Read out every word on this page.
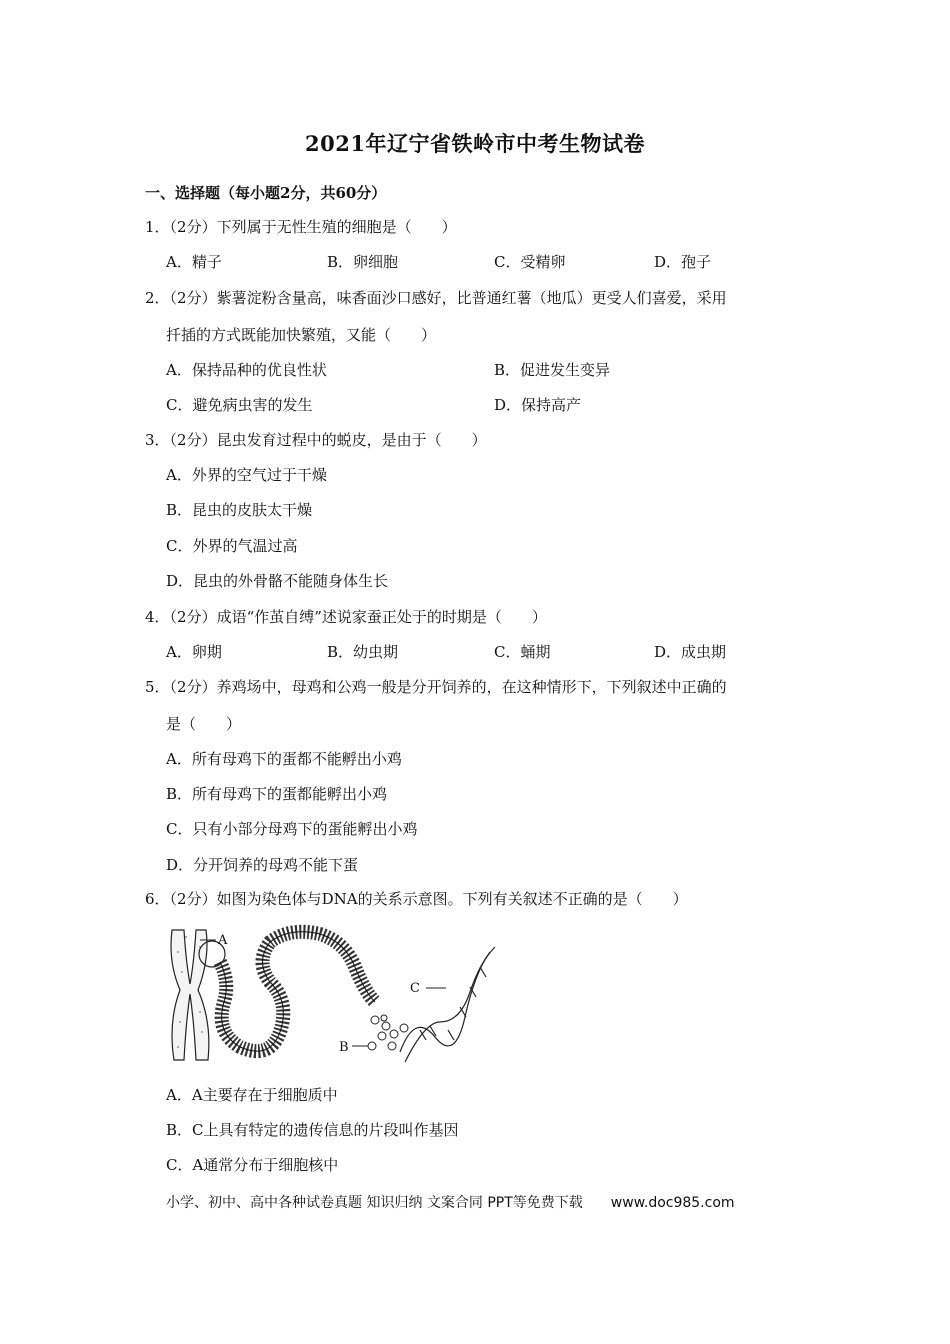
2021年辽宁省铁岭市中考生物试卷
一、选择题（每小题2分，共60分）
1．（2分）下列属于无性生殖的细胞是（　　）
A．精子	B．卵细胞	C．受精卵	D．孢子
2．（2分）紫薯淀粉含量高，味香面沙口感好，比普通红薯（地瓜）更受人们喜爱，采用
扦插的方式既能加快繁殖，又能（　　）
A．保持品种的优良性状	B．促进发生变异
C．避免病虫害的发生	D．保持高产
3．（2分）昆虫发育过程中的蜕皮，是由于（　　）
A．外界的空气过于干燥
B．昆虫的皮肤太干燥
C．外界的气温过高
D．昆虫的外骨骼不能随身体生长
4．（2分）成语“作茧自缚”述说家蚕正处于的时期是（　　）
A．卵期	B．幼虫期	C．蛹期	D．成虫期
5．（2分）养鸡场中，母鸡和公鸡一般是分开饲养的，在这种情形下，下列叙述中正确的
是（　　）
A．所有母鸡下的蛋都不能孵出小鸡
B．所有母鸡下的蛋都能孵出小鸡
C．只有小部分母鸡下的蛋能孵出小鸡
D．分开饲养的母鸡不能下蛋
6．（2分）如图为染色体与DNA的关系示意图。下列有关叙述不正确的是（　　）
A
B
C
A．A主要存在于细胞质中
B．C上具有特定的遗传信息的片段叫作基因
C．A通常分布于细胞核中
小学、初中、高中各种试卷真题 知识归纳 文案合同 PPT等免费下载 www.doc985.com
